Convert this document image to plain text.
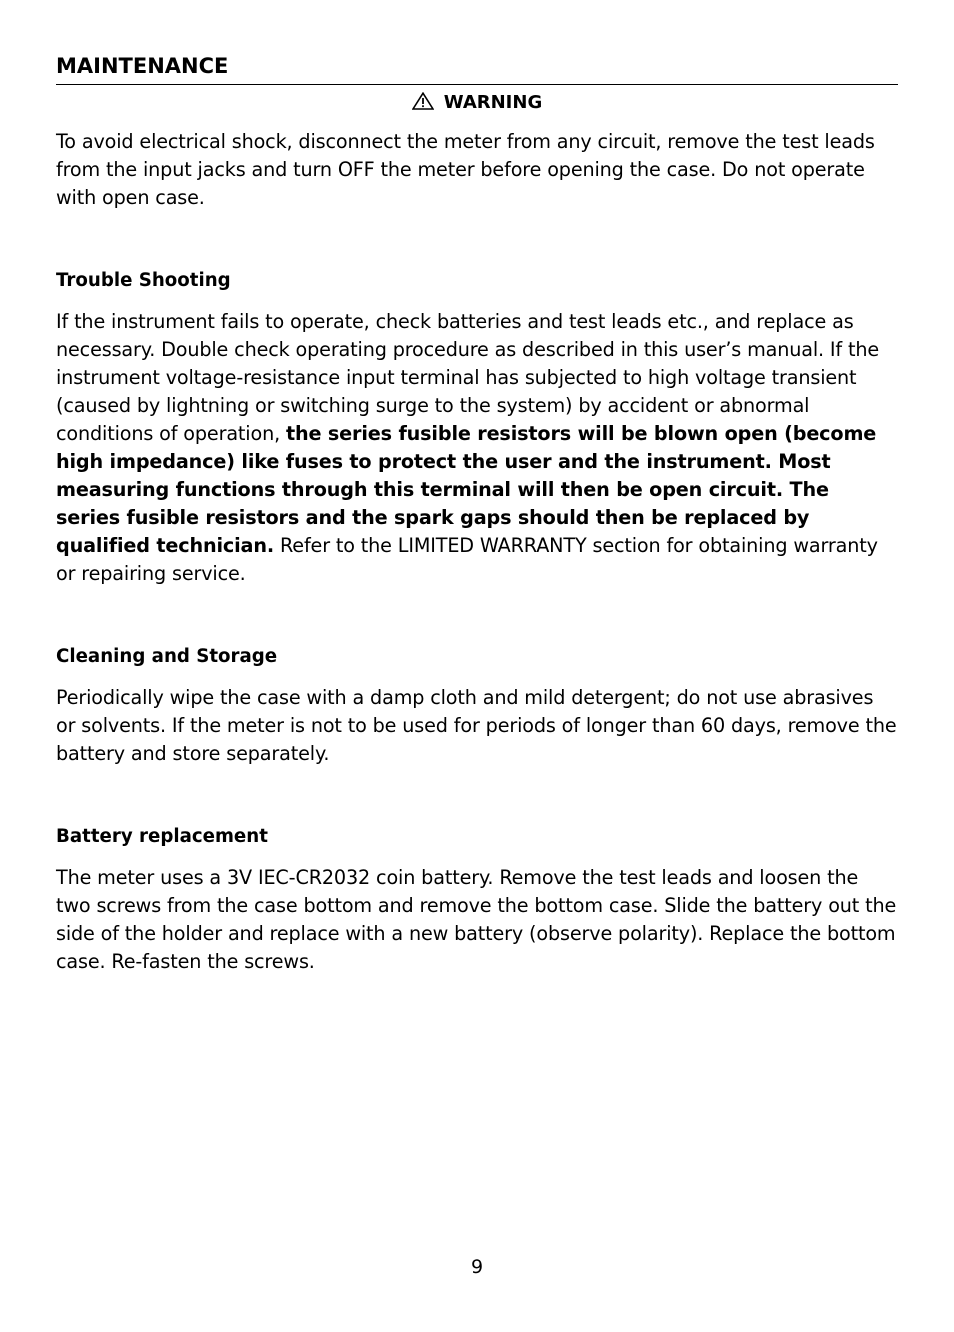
MAINTENANCE
WARNING

To avoid electrical shock, disconnect the meter from any circuit, remove the test leads from the input jacks and turn OFF the meter before opening the case. Do not operate with open case.

Trouble Shooting

If the instrument fails to operate, check batteries and test leads etc., and replace as necessary. Double check operating procedure as described in this user’s manual. If the instrument voltage-resistance input terminal has subjected to high voltage transient (caused by lightning or switching surge to the system) by accident or abnormal conditions of operation, the series fusible resistors will be blown open (become high impedance) like fuses to protect the user and the instrument. Most measuring functions through this terminal will then be open circuit. The series fusible resistors and the spark gaps should then be replaced by qualified technician. Refer to the LIMITED WARRANTY section for obtaining warranty or repairing service.

Cleaning and Storage

Periodically wipe the case with a damp cloth and mild detergent; do not use abrasives or solvents. If the meter is not to be used for periods of longer than 60 days, remove the battery and store separately.

Battery replacement

The meter uses a 3V IEC-CR2032 coin battery. Remove the test leads and loosen the two screws from the case bottom and remove the bottom case. Slide the battery out the side of the holder and replace with a new battery (observe polarity). Replace the bottom case. Re-fasten the screws.

9
